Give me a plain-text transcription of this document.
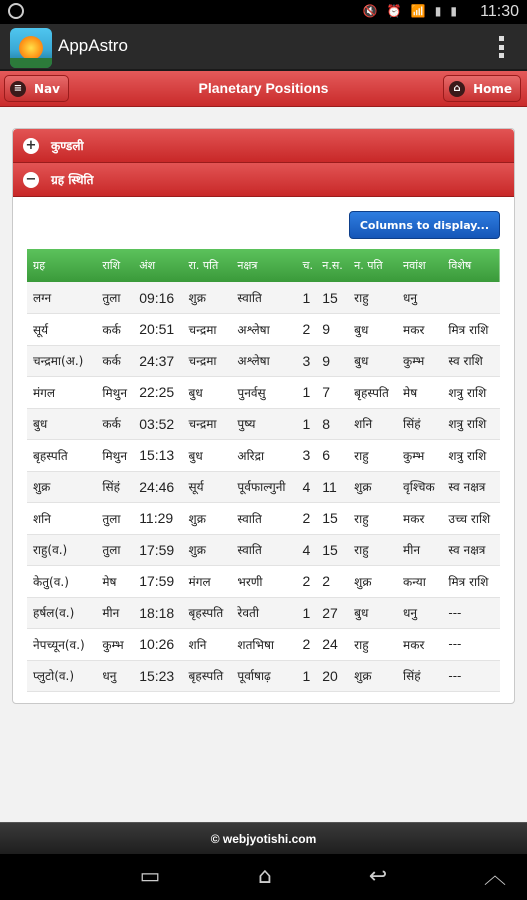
🔇 ⏰ 📶 ▮ ▮ 11:30
AppAstro
Planetary Positions
≡ Nav	⌂	Home
+ कुण्डली
− ग्रह स्थिति
Columns to display...
ग्रह	राशि	अंश	रा. पति	नक्षत्र	च.	न.स.	न. पति	नवांश	विशेष
लग्न	तुला	09:16	शुक्र	स्वाति	1	15	राहु	धनु	
सूर्य	कर्क	20:51	चन्द्रमा	अश्लेषा	2	9	बुध	मकर	मित्र राशि
चन्द्रमा(अ.)	कर्क	24:37	चन्द्रमा	अश्लेषा	3	9	बुध	कुम्भ	स्व राशि
मंगल	मिथुन	22:25	बुध	पुनर्वसु	1	7	बृहस्पति	मेष	शत्रु राशि
बुध	कर्क	03:52	चन्द्रमा	पुष्य	1	8	शनि	सिंहं	शत्रु राशि
बृहस्पति	मिथुन	15:13	बुध	अरिद्रा	3	6	राहु	कुम्भ	शत्रु राशि
शुक्र	सिंहं	24:46	सूर्य	पूर्वफाल्गुनी	4	11	शुक्र	वृश्चिक	स्व नक्षत्र
शनि	तुला	11:29	शुक्र	स्वाति	2	15	राहु	मकर	उच्च राशि
राहु(व.)	तुला	17:59	शुक्र	स्वाति	4	15	राहु	मीन	स्व नक्षत्र
केतु(व.)	मेष	17:59	मंगल	भरणी	2	2	शुक्र	कन्या	मित्र राशि
हर्षल(व.)	मीन	18:18	बृहस्पति	रेवती	1	27	बुध	धनु	---
नेपच्यून(व.)	कुम्भ	10:26	शनि	शतभिषा	2	24	राहु	मकर	---
प्लुटो(व.)	धनु	15:23	बृहस्पति	पूर्वाषाढ़	1	20	शुक्र	सिंहं	---
© webjyotishi.com
▭	⌂	↩	︿
